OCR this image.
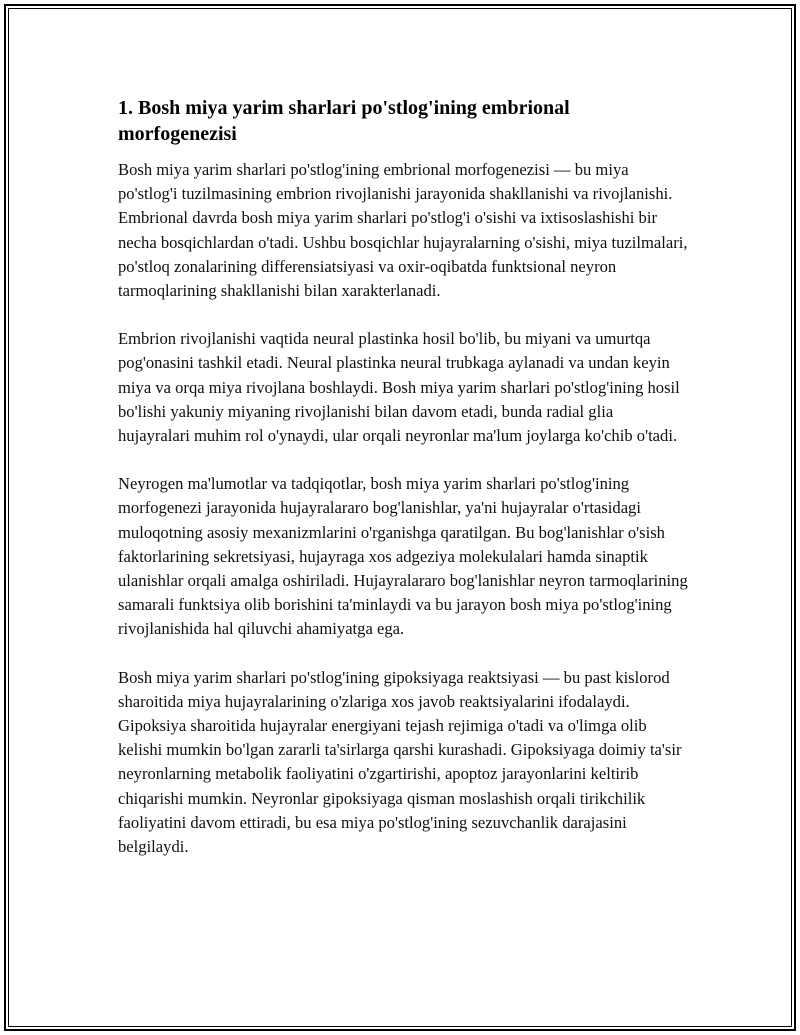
1. Bosh miya yarim sharlari po'stlog'ining embrional morfogenezisi

Bosh miya yarim sharlari po'stlog'ining embrional morfogenezisi — bu miya po'stlog'i tuzilmasining embrion rivojlanishi jarayonida shakllanishi va rivojlanishi. Embrional davrda bosh miya yarim sharlari po'stlog'i o'sishi va ixtisoslashishi bir necha bosqichlardan o'tadi. Ushbu bosqichlar hujayralarning o'sishi, miya tuzilmalari, po'stloq zonalarining differensiatsiyasi va oxir-oqibatda funktsional neyron tarmoqlarining shakllanishi bilan xarakterlanadi.

Embrion rivojlanishi vaqtida neural plastinka hosil bo'lib, bu miyani va umurtqa pog'onasini tashkil etadi. Neural plastinka neural trubkaga aylanadi va undan keyin miya va orqa miya rivojlana boshlaydi. Bosh miya yarim sharlari po'stlog'ining hosil bo'lishi yakuniy miyaning rivojlanishi bilan davom etadi, bunda radial glia hujayralari muhim rol o'ynaydi, ular orqali neyronlar ma'lum joylarga ko'chib o'tadi.

Neyrogen ma'lumotlar va tadqiqotlar, bosh miya yarim sharlari po'stlog'ining morfogenezi jarayonida hujayralararo bog'lanishlar, ya'ni hujayralar o'rtasidagi muloqotning asosiy mexanizmlarini o'rganishga qaratilgan. Bu bog'lanishlar o'sish faktorlarining sekretsiyasi, hujayraga xos adgeziya molekulalari hamda sinaptik ulanishlar orqali amalga oshiriladi. Hujayralararo bog'lanishlar neyron tarmoqlarining samarali funktsiya olib borishini ta'minlaydi va bu jarayon bosh miya po'stlog'ining rivojlanishida hal qiluvchi ahamiyatga ega.

Bosh miya yarim sharlari po'stlog'ining gipoksiyaga reaktsiyasi — bu past kislorod sharoitida miya hujayralarining o'zlariga xos javob reaktsiyalarini ifodalaydi. Gipoksiya sharoitida hujayralar energiyani tejash rejimiga o'tadi va o'limga olib kelishi mumkin bo'lgan zararli ta'sirlarga qarshi kurashadi. Gipoksiyaga doimiy ta'sir neyronlarning metabolik faoliyatini o'zgartirishi, apoptoz jarayonlarini keltirib chiqarishi mumkin. Neyronlar gipoksiyaga qisman moslashish orqali tirikchilik faoliyatini davom ettiradi, bu esa miya po'stlog'ining sezuvchanlik darajasini belgilaydi.
